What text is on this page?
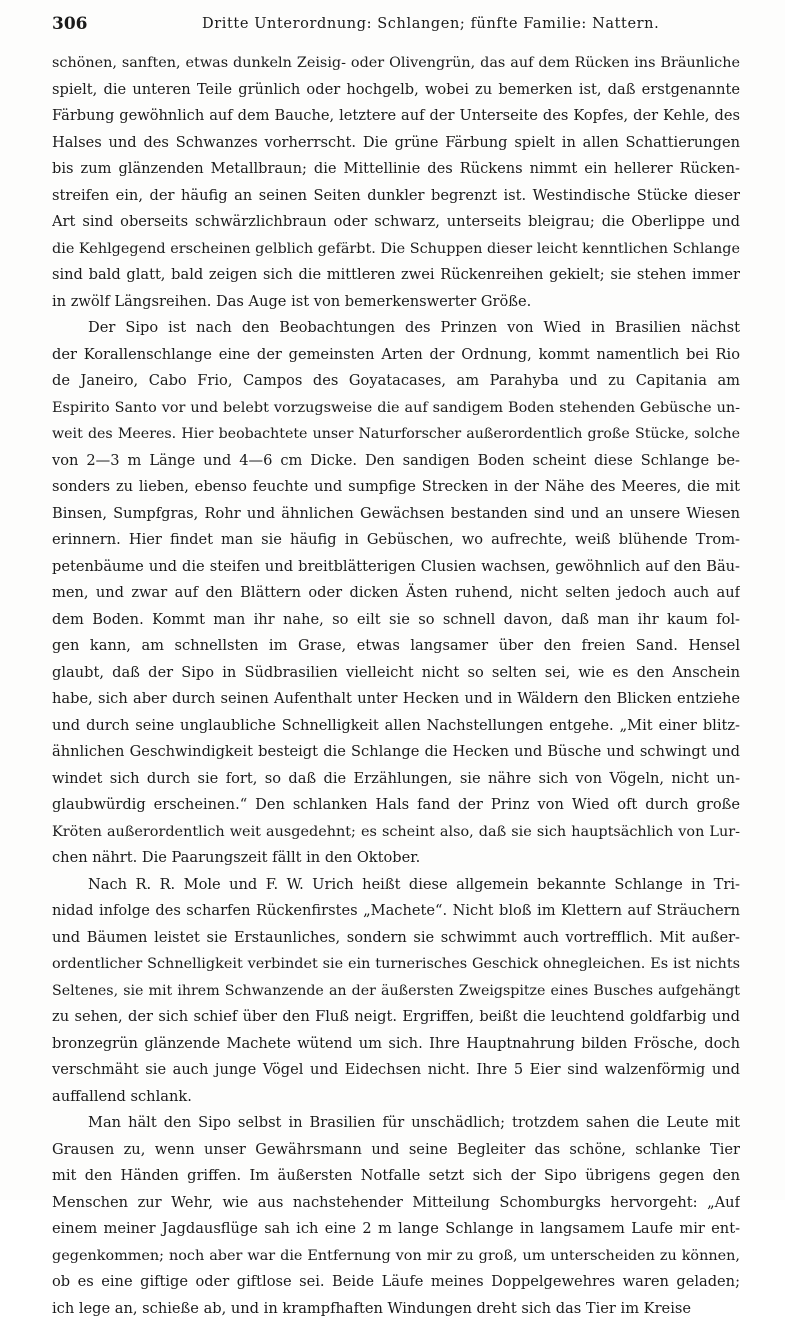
306	Dritte Unterordnung: Schlangen; fünfte Familie: Nattern.
schönen, sanften, etwas dunkeln Zeisig- oder Olivengrün, das auf dem Rücken ins Bräunliche
spielt, die unteren Teile grünlich oder hochgelb, wobei zu bemerken ist, daß erstgenannte
Färbung gewöhnlich auf dem Bauche, letztere auf der Unterseite des Kopfes, der Kehle, des
Halses und des Schwanzes vorherrscht. Die grüne Färbung spielt in allen Schattierungen
bis zum glänzenden Metallbraun; die Mittellinie des Rückens nimmt ein hellerer Rücken-
streifen ein, der häufig an seinen Seiten dunkler begrenzt ist. Westindische Stücke dieser
Art sind oberseits schwärzlichbraun oder schwarz, unterseits bleigrau; die Oberlippe und
die Kehlgegend erscheinen gelblich gefärbt. Die Schuppen dieser leicht kenntlichen Schlange
sind bald glatt, bald zeigen sich die mittleren zwei Rückenreihen gekielt; sie stehen immer
in zwölf Längsreihen. Das Auge ist von bemerkenswerter Größe.
Der Sipo ist nach den Beobachtungen des Prinzen von Wied in Brasilien nächst
der Korallenschlange eine der gemeinsten Arten der Ordnung, kommt namentlich bei Rio
de Janeiro, Cabo Frio, Campos des Goyatacases, am Parahyba und zu Capitania am
Espirito Santo vor und belebt vorzugsweise die auf sandigem Boden stehenden Gebüsche un-
weit des Meeres. Hier beobachtete unser Naturforscher außerordentlich große Stücke, solche
von 2—3 m Länge und 4—6 cm Dicke. Den sandigen Boden scheint diese Schlange be-
sonders zu lieben, ebenso feuchte und sumpfige Strecken in der Nähe des Meeres, die mit
Binsen, Sumpfgras, Rohr und ähnlichen Gewächsen bestanden sind und an unsere Wiesen
erinnern. Hier findet man sie häufig in Gebüschen, wo aufrechte, weiß blühende Trom-
petenbäume und die steifen und breitblätterigen Clusien wachsen, gewöhnlich auf den Bäu-
men, und zwar auf den Blättern oder dicken Ästen ruhend, nicht selten jedoch auch auf
dem Boden. Kommt man ihr nahe, so eilt sie so schnell davon, daß man ihr kaum fol-
gen kann, am schnellsten im Grase, etwas langsamer über den freien Sand. Hensel
glaubt, daß der Sipo in Südbrasilien vielleicht nicht so selten sei, wie es den Anschein
habe, sich aber durch seinen Aufenthalt unter Hecken und in Wäldern den Blicken entziehe
und durch seine unglaubliche Schnelligkeit allen Nachstellungen entgehe. „Mit einer blitz-
ähnlichen Geschwindigkeit besteigt die Schlange die Hecken und Büsche und schwingt und
windet sich durch sie fort, so daß die Erzählungen, sie nähre sich von Vögeln, nicht un-
glaubwürdig erscheinen.“ Den schlanken Hals fand der Prinz von Wied oft durch große
Kröten außerordentlich weit ausgedehnt; es scheint also, daß sie sich hauptsächlich von Lur-
chen nährt. Die Paarungszeit fällt in den Oktober.
Nach R. R. Mole und F. W. Urich heißt diese allgemein bekannte Schlange in Tri-
nidad infolge des scharfen Rückenfirstes „Machete“. Nicht bloß im Klettern auf Sträuchern
und Bäumen leistet sie Erstaunliches, sondern sie schwimmt auch vortrefflich. Mit außer-
ordentlicher Schnelligkeit verbindet sie ein turnerisches Geschick ohnegleichen. Es ist nichts
Seltenes, sie mit ihrem Schwanzende an der äußersten Zweigspitze eines Busches aufgehängt
zu sehen, der sich schief über den Fluß neigt. Ergriffen, beißt die leuchtend goldfarbig und
bronzegrün glänzende Machete wütend um sich. Ihre Hauptnahrung bilden Frösche, doch
verschmäht sie auch junge Vögel und Eidechsen nicht. Ihre 5 Eier sind walzenförmig und
auffallend schlank.
Man hält den Sipo selbst in Brasilien für unschädlich; trotzdem sahen die Leute mit
Grausen zu, wenn unser Gewährsmann und seine Begleiter das schöne, schlanke Tier
mit den Händen griffen. Im äußersten Notfalle setzt sich der Sipo übrigens gegen den
Menschen zur Wehr, wie aus nachstehender Mitteilung Schomburgks hervorgeht: „Auf
einem meiner Jagdausflüge sah ich eine 2 m lange Schlange in langsamem Laufe mir ent-
gegenkommen; noch aber war die Entfernung von mir zu groß, um unterscheiden zu können,
ob es eine giftige oder giftlose sei. Beide Läufe meines Doppelgewehres waren geladen;
ich lege an, schieße ab, und in krampfhaften Windungen dreht sich das Tier im Kreise
